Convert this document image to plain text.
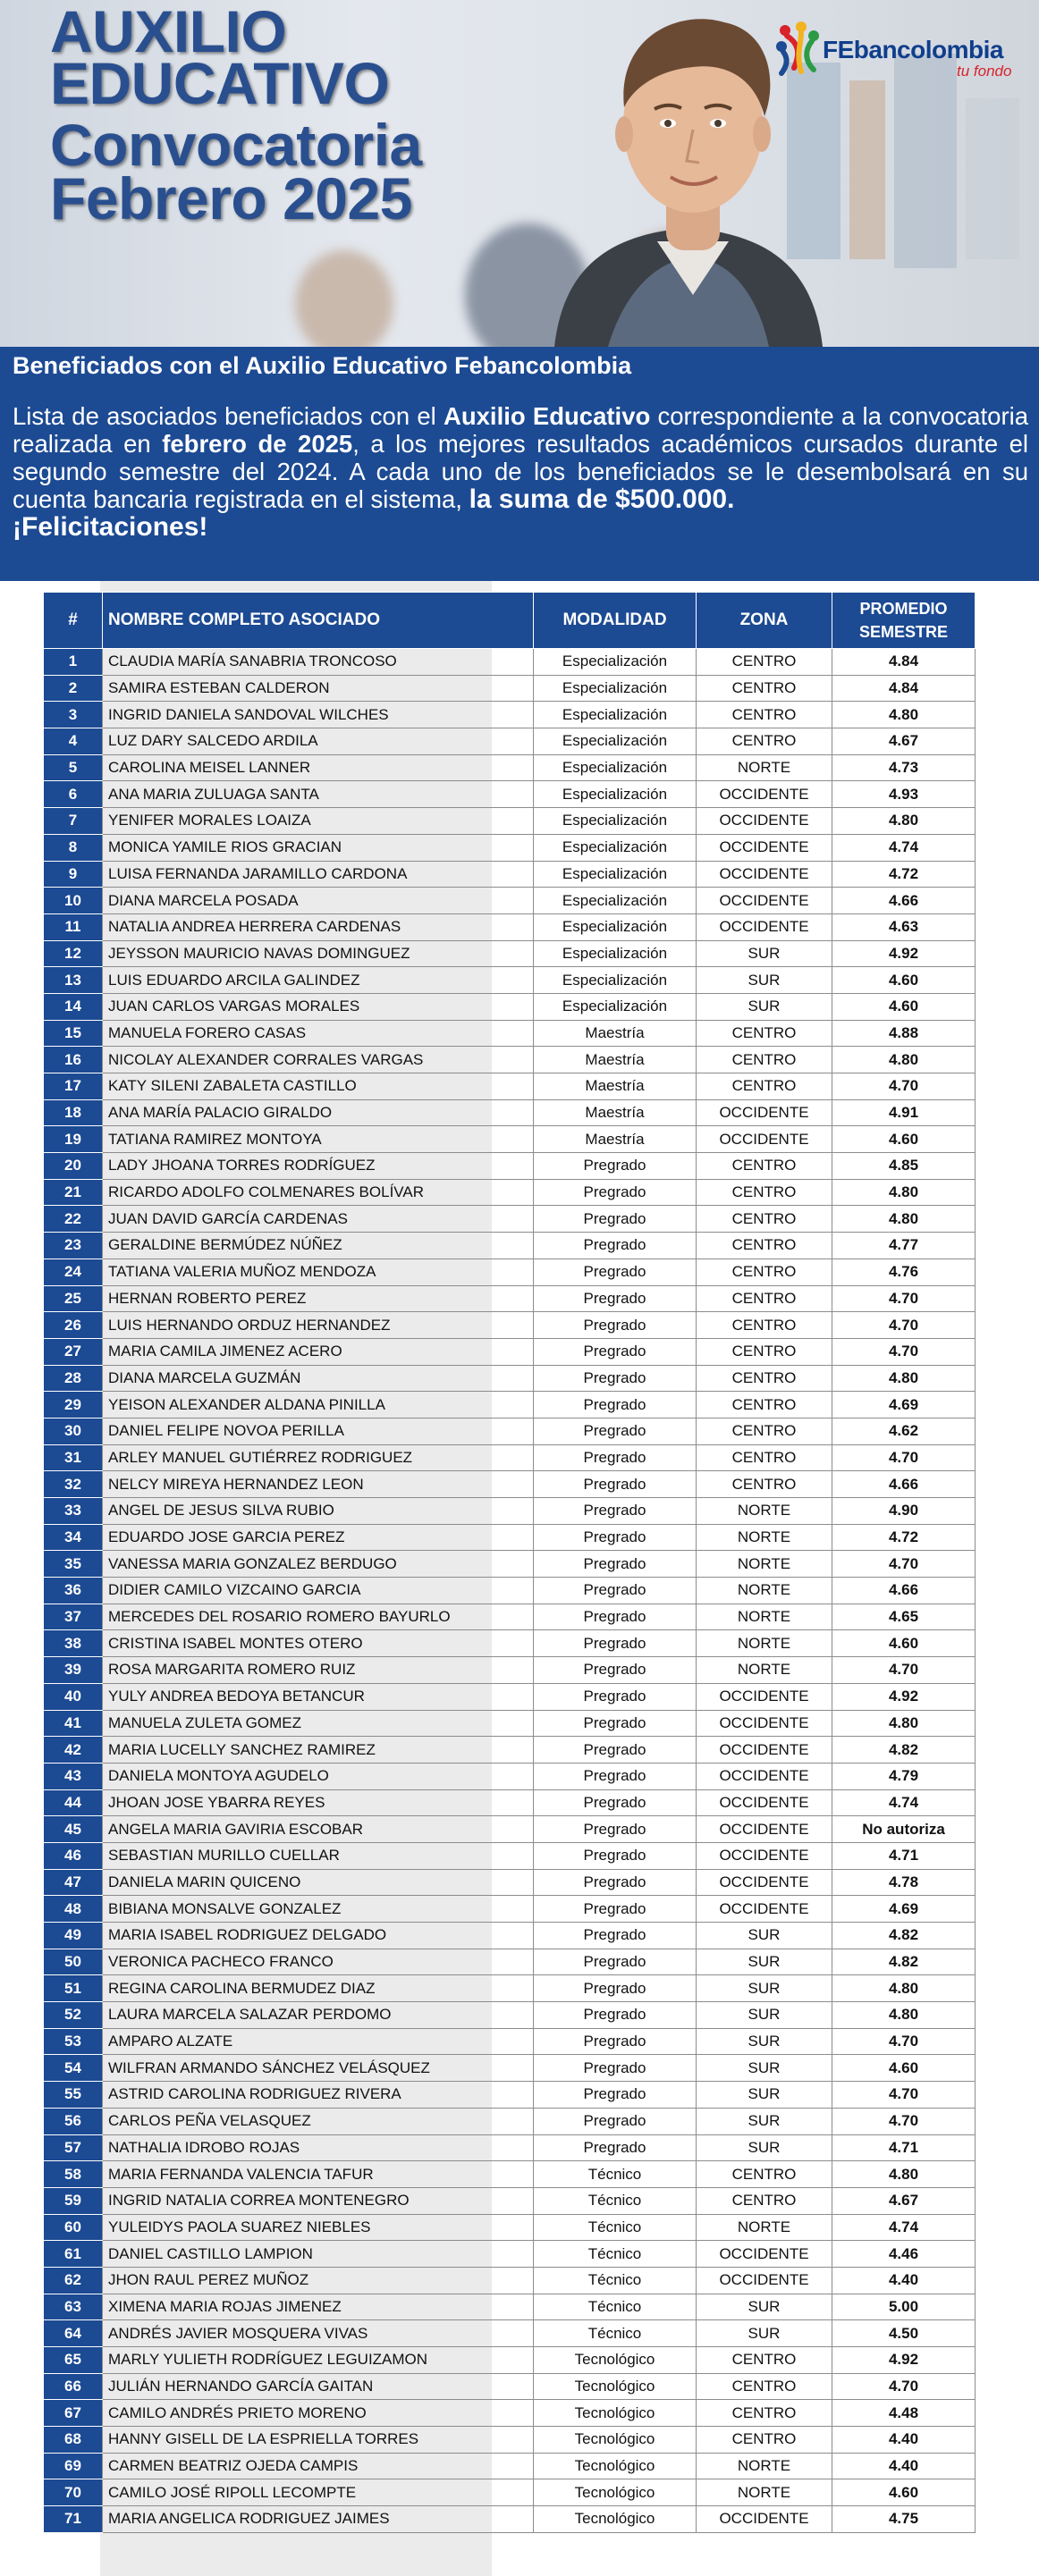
AUXILIO
EDUCATIVO
Convocatoria
Febrero 2025
FEbancolombia
tu fondo
Beneficiados con el Auxilio Educativo Febancolombia
Lista de asociados beneficiados con el Auxilio Educativo correspondiente a la convocatoria realizada en febrero de 2025, a los mejores resultados académicos cursados durante el segundo semestre del 2024. A cada uno de los beneficiados se le desembolsará en su cuenta bancaria registrada en el sistema, la suma de $500.000.
¡Felicitaciones!
#	NOMBRE COMPLETO ASOCIADO	MODALIDAD	ZONA	PROMEDIO
SEMESTRE
1	CLAUDIA MARÍA SANABRIA TRONCOSO	Especialización	CENTRO	4.84
2	SAMIRA ESTEBAN CALDERON	Especialización	CENTRO	4.84
3	INGRID DANIELA SANDOVAL WILCHES	Especialización	CENTRO	4.80
4	LUZ DARY SALCEDO ARDILA	Especialización	CENTRO	4.67
5	CAROLINA MEISEL LANNER	Especialización	NORTE	4.73
6	ANA MARIA ZULUAGA SANTA	Especialización	OCCIDENTE	4.93
7	YENIFER MORALES LOAIZA	Especialización	OCCIDENTE	4.80
8	MONICA YAMILE RIOS GRACIAN	Especialización	OCCIDENTE	4.74
9	LUISA FERNANDA JARAMILLO CARDONA	Especialización	OCCIDENTE	4.72
10	DIANA MARCELA POSADA	Especialización	OCCIDENTE	4.66
11	NATALIA ANDREA HERRERA CARDENAS	Especialización	OCCIDENTE	4.63
12	JEYSSON MAURICIO NAVAS DOMINGUEZ	Especialización	SUR	4.92
13	LUIS EDUARDO ARCILA GALINDEZ	Especialización	SUR	4.60
14	JUAN CARLOS VARGAS MORALES	Especialización	SUR	4.60
15	MANUELA FORERO CASAS	Maestría	CENTRO	4.88
16	NICOLAY ALEXANDER CORRALES VARGAS	Maestría	CENTRO	4.80
17	KATY SILENI ZABALETA CASTILLO	Maestría	CENTRO	4.70
18	ANA MARÍA PALACIO GIRALDO	Maestría	OCCIDENTE	4.91
19	TATIANA RAMIREZ MONTOYA	Maestría	OCCIDENTE	4.60
20	LADY JHOANA TORRES RODRÍGUEZ	Pregrado	CENTRO	4.85
21	RICARDO ADOLFO COLMENARES BOLÍVAR	Pregrado	CENTRO	4.80
22	JUAN DAVID GARCÍA CARDENAS	Pregrado	CENTRO	4.80
23	GERALDINE BERMÚDEZ NÚÑEZ	Pregrado	CENTRO	4.77
24	TATIANA VALERIA MUÑOZ MENDOZA	Pregrado	CENTRO	4.76
25	HERNAN ROBERTO PEREZ	Pregrado	CENTRO	4.70
26	LUIS HERNANDO ORDUZ HERNANDEZ	Pregrado	CENTRO	4.70
27	MARIA CAMILA JIMENEZ ACERO	Pregrado	CENTRO	4.70
28	DIANA MARCELA GUZMÁN	Pregrado	CENTRO	4.80
29	YEISON ALEXANDER ALDANA PINILLA	Pregrado	CENTRO	4.69
30	DANIEL FELIPE NOVOA PERILLA	Pregrado	CENTRO	4.62
31	ARLEY MANUEL GUTIÉRREZ RODRIGUEZ	Pregrado	CENTRO	4.70
32	NELCY MIREYA HERNANDEZ LEON	Pregrado	CENTRO	4.66
33	ANGEL DE JESUS SILVA RUBIO	Pregrado	NORTE	4.90
34	EDUARDO JOSE GARCIA PEREZ	Pregrado	NORTE	4.72
35	VANESSA MARIA GONZALEZ BERDUGO	Pregrado	NORTE	4.70
36	DIDIER CAMILO VIZCAINO GARCIA	Pregrado	NORTE	4.66
37	MERCEDES DEL ROSARIO ROMERO BAYURLO	Pregrado	NORTE	4.65
38	CRISTINA ISABEL MONTES OTERO	Pregrado	NORTE	4.60
39	ROSA MARGARITA ROMERO RUIZ	Pregrado	NORTE	4.70
40	YULY ANDREA BEDOYA BETANCUR	Pregrado	OCCIDENTE	4.92
41	MANUELA ZULETA GOMEZ	Pregrado	OCCIDENTE	4.80
42	MARIA LUCELLY SANCHEZ RAMIREZ	Pregrado	OCCIDENTE	4.82
43	DANIELA MONTOYA AGUDELO	Pregrado	OCCIDENTE	4.79
44	JHOAN JOSE YBARRA REYES	Pregrado	OCCIDENTE	4.74
45	ANGELA MARIA GAVIRIA ESCOBAR	Pregrado	OCCIDENTE	No autoriza
46	SEBASTIAN MURILLO CUELLAR	Pregrado	OCCIDENTE	4.71
47	DANIELA MARIN QUICENO	Pregrado	OCCIDENTE	4.78
48	BIBIANA MONSALVE GONZALEZ	Pregrado	OCCIDENTE	4.69
49	MARIA ISABEL RODRIGUEZ DELGADO	Pregrado	SUR	4.82
50	VERONICA PACHECO FRANCO	Pregrado	SUR	4.82
51	REGINA CAROLINA BERMUDEZ DIAZ	Pregrado	SUR	4.80
52	LAURA MARCELA SALAZAR PERDOMO	Pregrado	SUR	4.80
53	AMPARO ALZATE	Pregrado	SUR	4.70
54	WILFRAN ARMANDO SÁNCHEZ VELÁSQUEZ	Pregrado	SUR	4.60
55	ASTRID CAROLINA RODRIGUEZ RIVERA	Pregrado	SUR	4.70
56	CARLOS PEÑA VELASQUEZ	Pregrado	SUR	4.70
57	NATHALIA IDROBO ROJAS	Pregrado	SUR	4.71
58	MARIA FERNANDA VALENCIA TAFUR	Técnico	CENTRO	4.80
59	INGRID NATALIA CORREA MONTENEGRO	Técnico	CENTRO	4.67
60	YULEIDYS PAOLA SUAREZ NIEBLES	Técnico	NORTE	4.74
61	DANIEL CASTILLO LAMPION	Técnico	OCCIDENTE	4.46
62	JHON RAUL PEREZ MUÑOZ	Técnico	OCCIDENTE	4.40
63	XIMENA MARIA ROJAS JIMENEZ	Técnico	SUR	5.00
64	ANDRÉS JAVIER MOSQUERA VIVAS	Técnico	SUR	4.50
65	MARLY YULIETH RODRÍGUEZ LEGUIZAMON	Tecnológico	CENTRO	4.92
66	JULIÁN HERNANDO GARCÍA GAITAN	Tecnológico	CENTRO	4.70
67	CAMILO ANDRÉS PRIETO MORENO	Tecnológico	CENTRO	4.48
68	HANNY GISELL DE LA ESPRIELLA TORRES	Tecnológico	CENTRO	4.40
69	CARMEN BEATRIZ OJEDA CAMPIS	Tecnológico	NORTE	4.40
70	CAMILO JOSÉ RIPOLL LECOMPTE	Tecnológico	NORTE	4.60
71	MARIA ANGELICA RODRIGUEZ JAIMES	Tecnológico	OCCIDENTE	4.75
